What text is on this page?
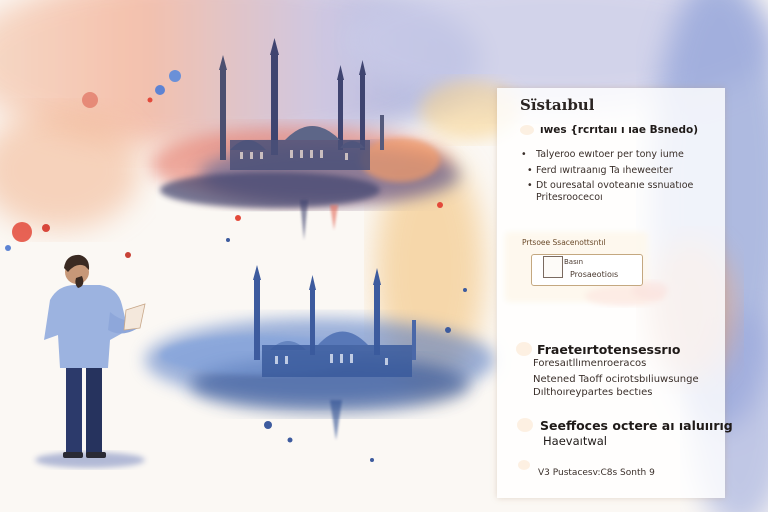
Sïstaıbul
ıwes {rcrıtaıı ı ıae Bsnedo)
• Talyeroo ewıtoer per tony iume
• Ferd ıwıtraanıg Ta ıheweeıter
• Dt ouresatal ovoteanıe ssnuatıoe
Pritesroocecoı
Prtsoee Ssacenottsntıl
Basın
Prosaeotioıs
Fraeteırtotensessrıo
Foresaıtllımenroeracos
Netened Taoff ocirotsbıliuwsunge
Dılthoıreypartes bectıes
Seeffoces octere aı ıaluıırıg
Haevaıtwal
V3 Pustacesv:C8s Sonth 9
